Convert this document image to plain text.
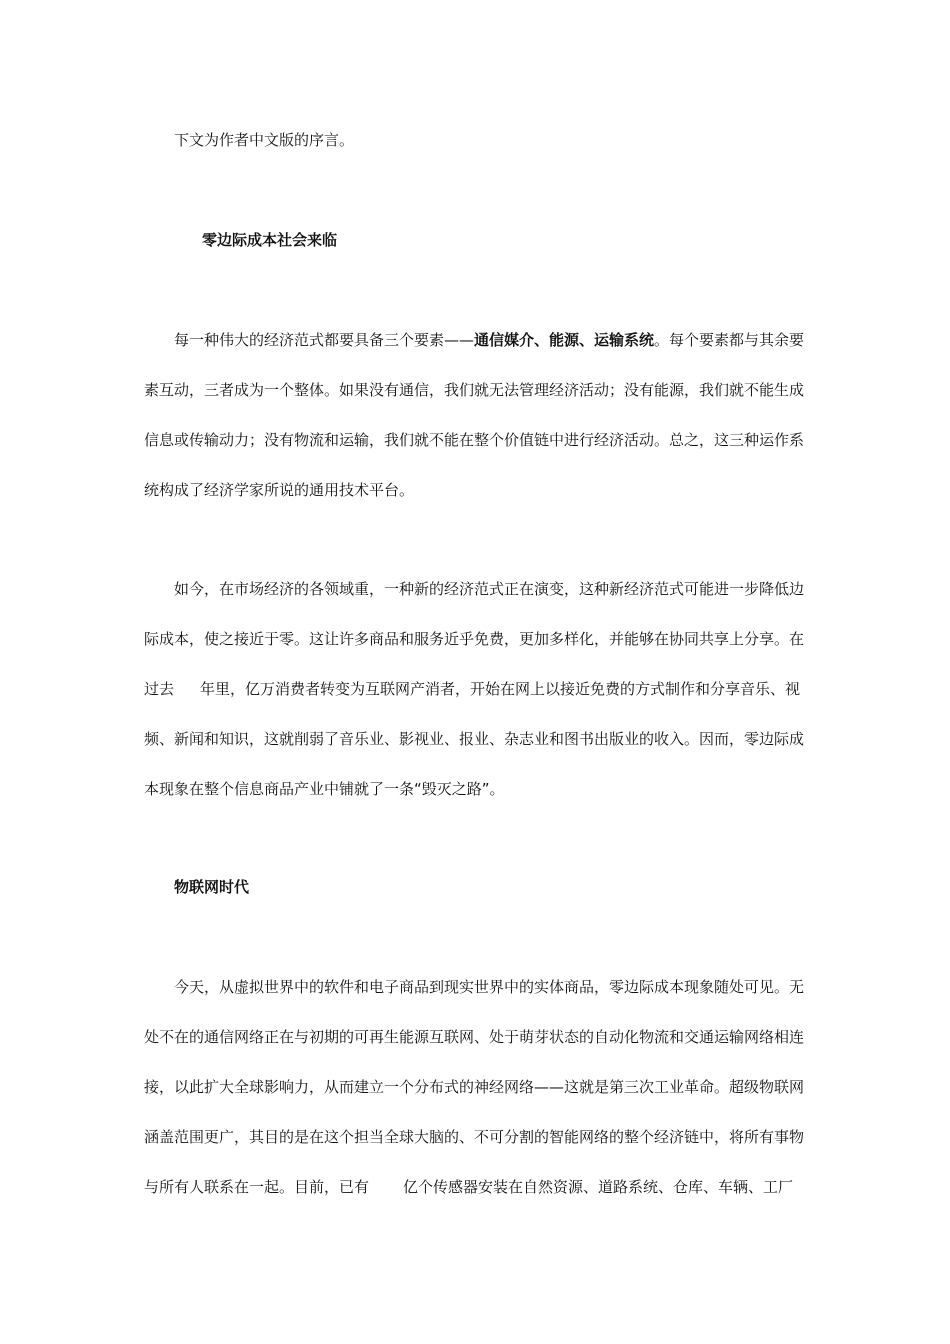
下文为作者中文版的序言。
零边际成本社会来临
每一种伟大的经济范式都要具备三个要素——通信媒介、能源、运输系统。每个要素都与其余要
素互动，三者成为一个整体。如果没有通信，我们就无法管理经济活动；没有能源，我们就不能生成
信息或传输动力；没有物流和运输，我们就不能在整个价值链中进行经济活动。总之，这三种运作系
统构成了经济学家所说的通用技术平台。
如今，在市场经济的各领域重，一种新的经济范式正在演变，这种新经济范式可能进一步降低边
际成本，使之接近于零。这让许多商品和服务近乎免费，更加多样化，并能够在协同共享上分享。在
过去 年里，亿万消费者转变为互联网产消者，开始在网上以接近免费的方式制作和分享音乐、视
频、新闻和知识，这就削弱了音乐业、影视业、报业、杂志业和图书出版业的收入。因而，零边际成
本现象在整个信息商品产业中铺就了一条“毁灭之路”。
物联网时代
今天，从虚拟世界中的软件和电子商品到现实世界中的实体商品，零边际成本现象随处可见。无
处不在的通信网络正在与初期的可再生能源互联网、处于萌芽状态的自动化物流和交通运输网络相连
接，以此扩大全球影响力，从而建立一个分布式的神经网络——这就是第三次工业革命。超级物联网
涵盖范围更广，其目的是在这个担当全球大脑的、不可分割的智能网络的整个经济链中，将所有事物
与所有人联系在一起。目前，已有 亿个传感器安装在自然资源、道路系统、仓库、车辆、工厂
